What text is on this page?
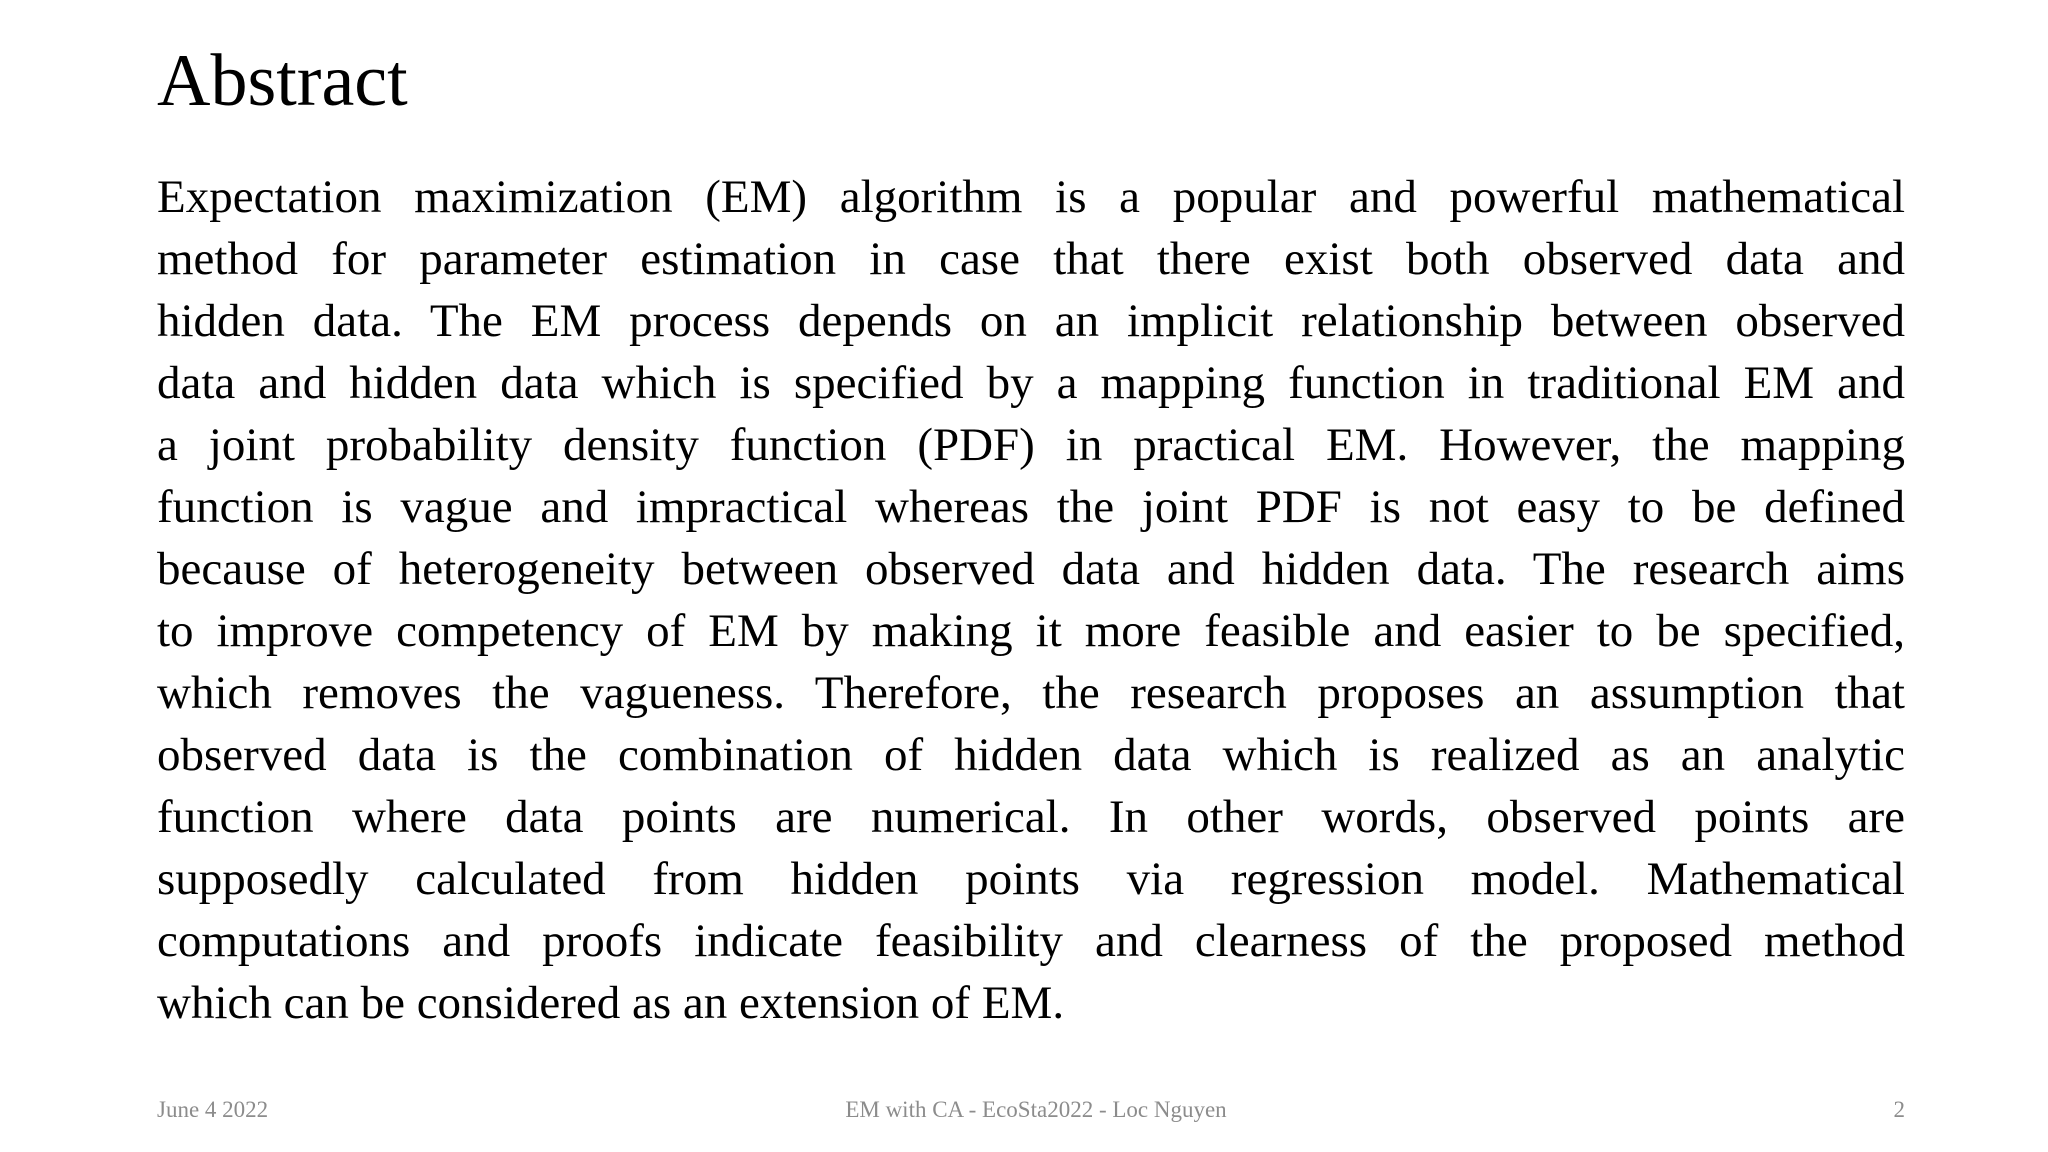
Abstract
Expectation maximization (EM) algorithm is a popular and powerful mathematical
method for parameter estimation in case that there exist both observed data and
hidden data. The EM process depends on an implicit relationship between observed
data and hidden data which is specified by a mapping function in traditional EM and
a joint probability density function (PDF) in practical EM. However, the mapping
function is vague and impractical whereas the joint PDF is not easy to be defined
because of heterogeneity between observed data and hidden data. The research aims
to improve competency of EM by making it more feasible and easier to be specified,
which removes the vagueness. Therefore, the research proposes an assumption that
observed data is the combination of hidden data which is realized as an analytic
function where data points are numerical. In other words, observed points are
supposedly calculated from hidden points via regression model. Mathematical
computations and proofs indicate feasibility and clearness of the proposed method
which can be considered as an extension of EM.
June 4 2022	EM with CA - EcoSta2022 - Loc Nguyen	2
